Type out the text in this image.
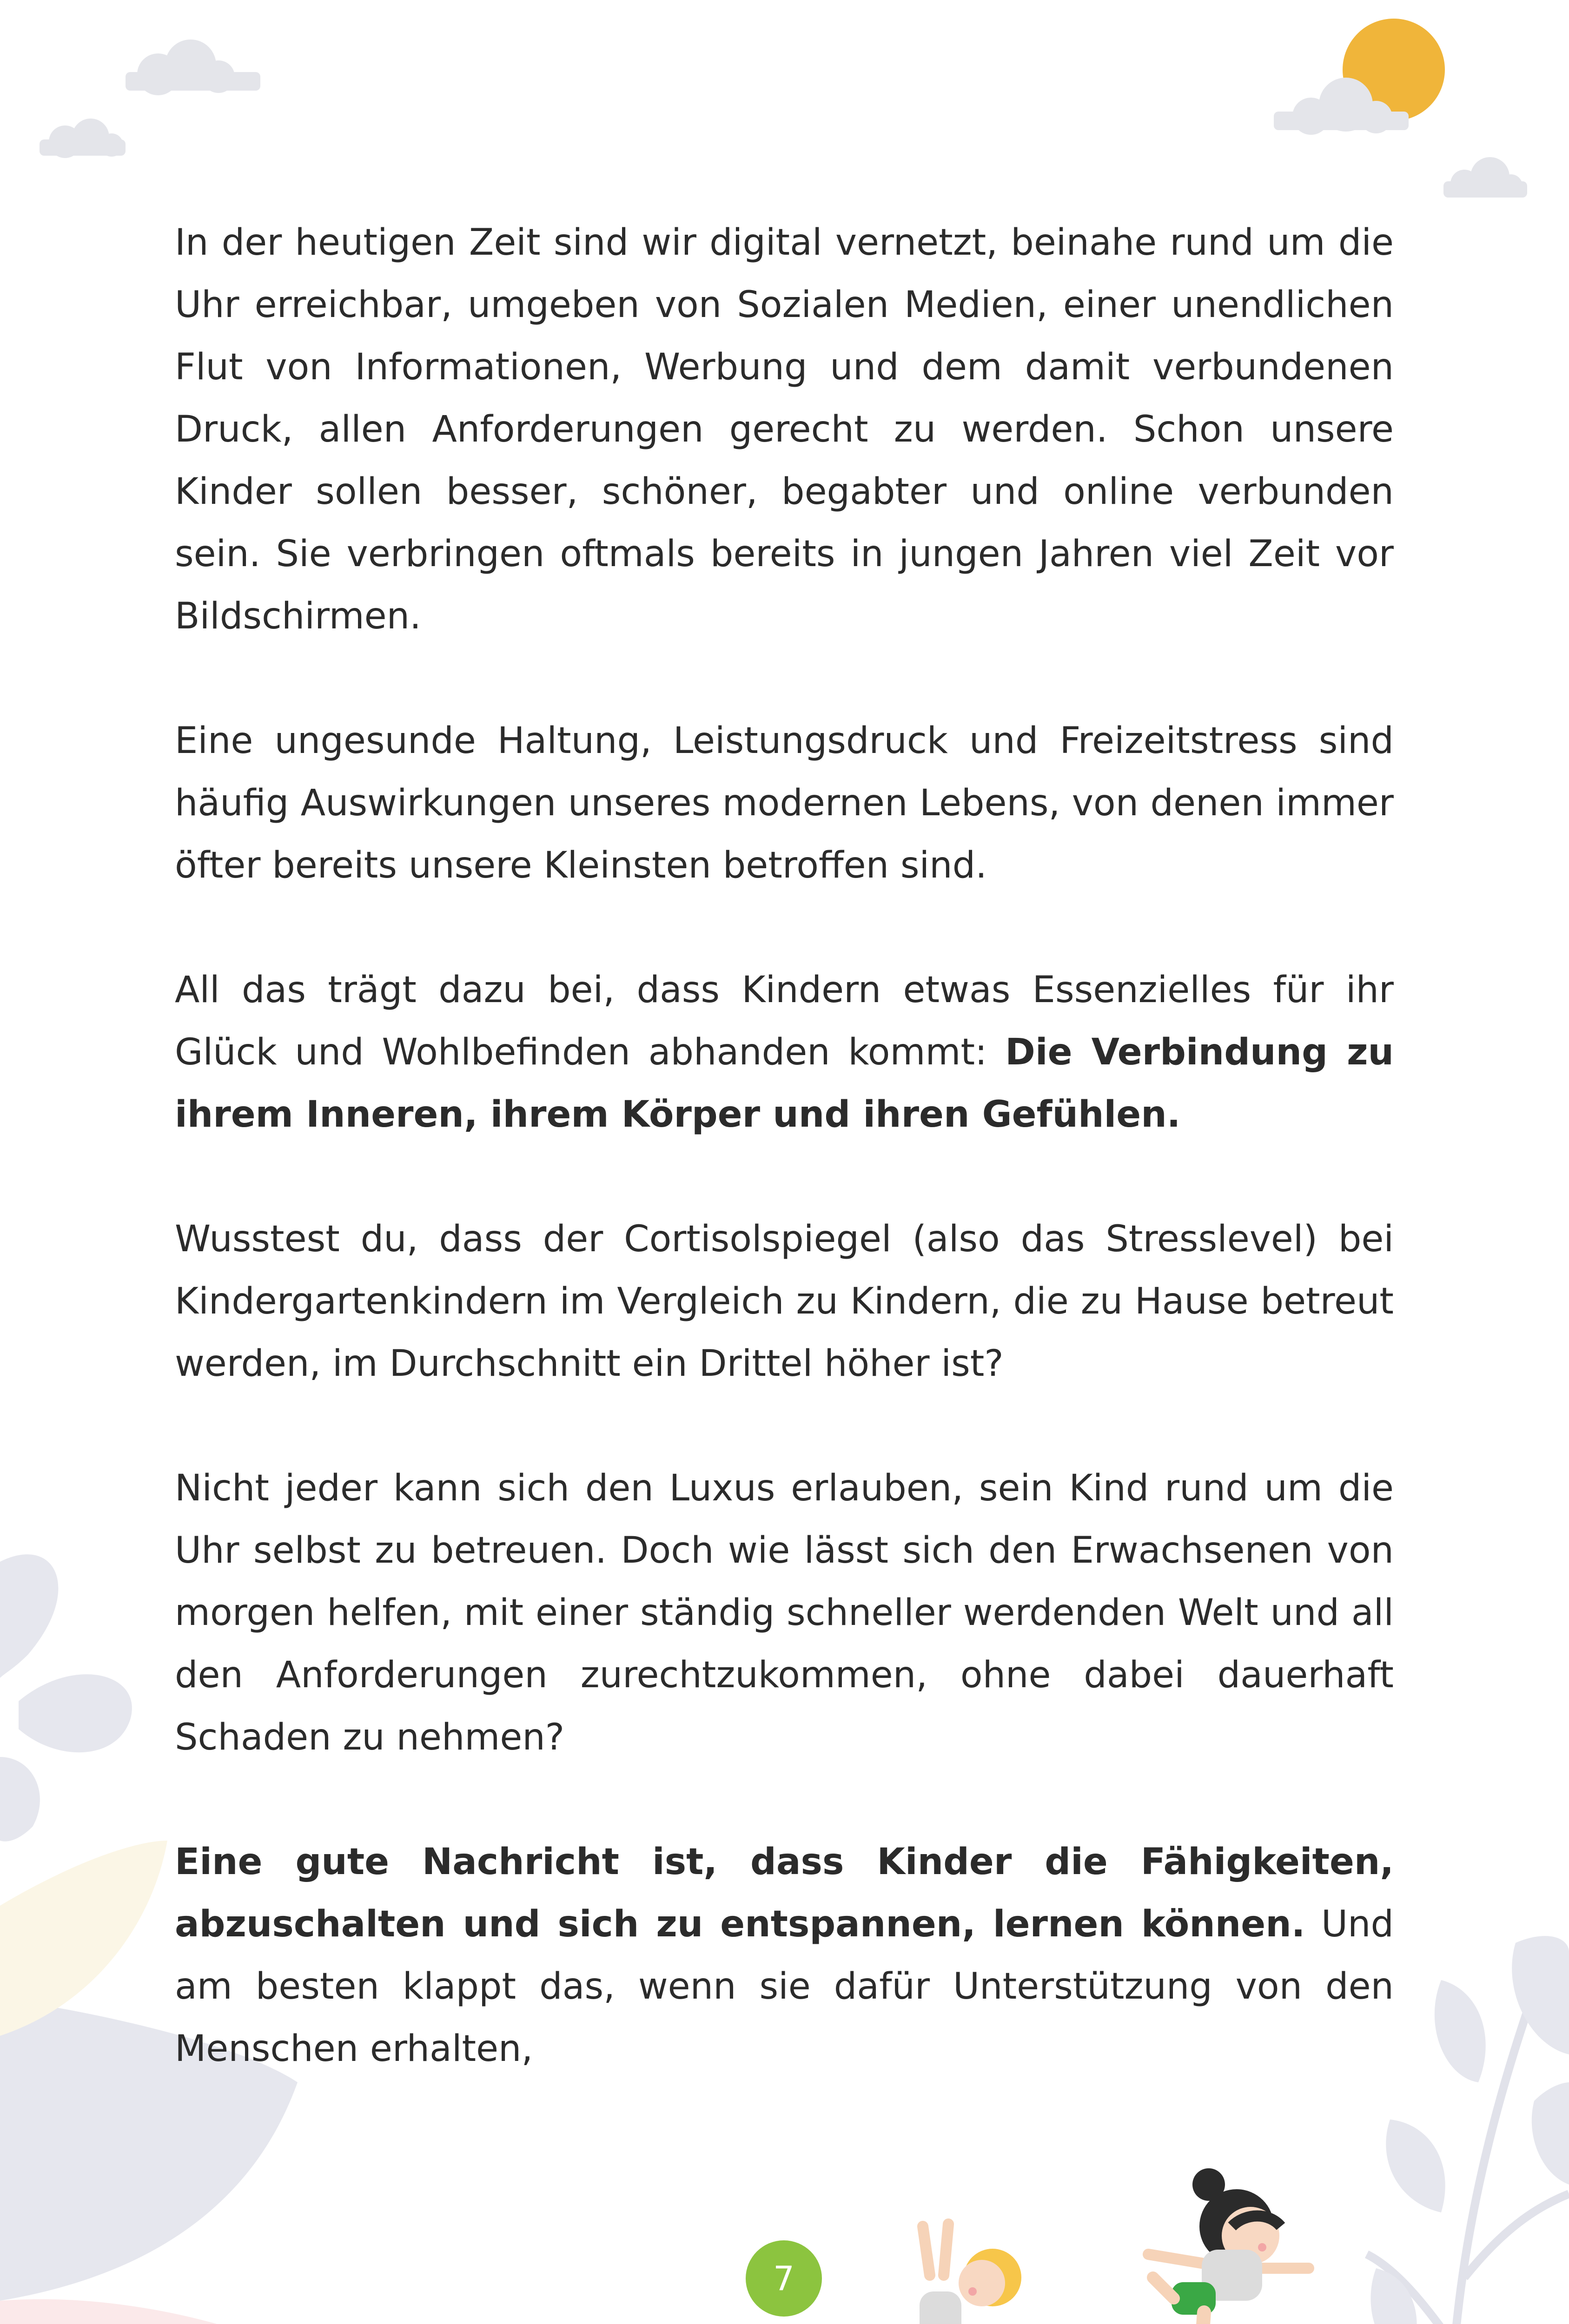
In der heutigen Zeit sind wir digital vernetzt, beinahe rund um die Uhr erreichbar, umgeben von Sozialen Medien, einer unendlichen Flut von Informationen, Werbung und dem damit verbundenen Druck, allen Anforderungen gerecht zu werden. Schon unsere Kinder sollen besser, schöner, begabter und online verbunden sein. Sie verbringen oftmals bereits in jungen Jahren viel Zeit vor Bildschirmen.

Eine ungesunde Haltung, Leistungsdruck und Freizeitstress sind häufig Auswirkungen unseres modernen Lebens, von denen immer öfter bereits unsere Kleinsten betroffen sind.

All das trägt dazu bei, dass Kindern etwas Essenzielles für ihr Glück und Wohlbefinden abhanden kommt: Die Verbindung zu ihrem Inneren, ihrem Körper und ihren Gefühlen.

Wusstest du, dass der Cortisolspiegel (also das Stresslevel) bei Kindergartenkindern im Vergleich zu Kindern, die zu Hause betreut werden, im Durchschnitt ein Drittel höher ist?

Nicht jeder kann sich den Luxus erlauben, sein Kind rund um die Uhr selbst zu betreuen. Doch wie lässt sich den Erwachsenen von morgen helfen, mit einer ständig schneller werdenden Welt und all den Anforderungen zurechtzukommen, ohne dabei dauerhaft Schaden zu nehmen?

Eine gute Nachricht ist, dass Kinder die Fähigkeiten, abzuschalten und sich zu entspannen, lernen können. Und am besten klappt das, wenn sie dafür Unterstützung von den Menschen erhalten,

7
